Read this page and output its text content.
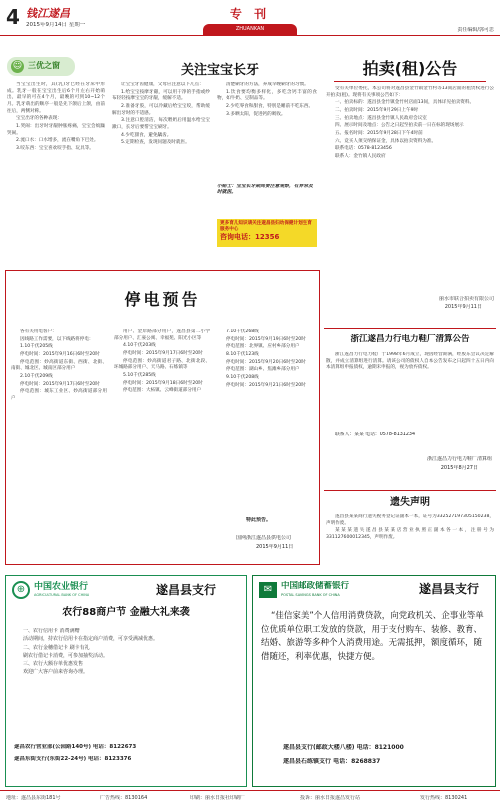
4 钱江遂昌
2015年9月14日 星期一
专 刊
ZHUANKAN	责任编辑/郭可思
☺ 三优之窗	关注宝宝长牙

当宝宝出生时，其(乳)牙已经在牙床中形成。乳牙一般在宝宝出生后6个月左右开始萌出，最早的可在4个月，最晚的可到10~12个月。乳牙萌出的顺序一般是先下颌后上颌，由前往后，两侧对称。

宝宝出牙的各种表现：

1.哭闹：出牙时牙龈肿胀疼痛，宝宝会烦躁哭闹。

2.流口水：口水增多，流在嘴角下巴处。

3.咬东西：宝宝喜欢咬手指、玩具等。

让宝宝牙齿健康，父母应注意以下几点：

1.给宝宝按摩牙龈，可以用干净的手指或纱布轻轻按摩宝宝的牙龈，缓解不适。

2.准备牙胶，可以冷藏后给宝宝咬，帮助缓解出牙时的不适感。

3.注意口腔清洁，每次喂奶后用温水给宝宝漱口，长牙后要帮宝宝刷牙。

4.少吃甜食，避免龋齿。

5.定期检查，发现问题及时就医。

清楚刷牙的方法，养成早晚刷牙的习惯。

1.饮食要均衡多样化，多吃含钙丰富的食物，如牛奶、豆制品等。

2.少吃零食和甜食，特别是睡前不吃东西。

3.多晒太阳，促进钙的吸收。

小贴士：宝宝长牙期间要注意观察，有异常及时就医。
更多育儿知识请关注遂昌县妇幼保健计划生育服务中心
咨询电话：12356
拍卖(租)公告

受有关单位委托，本公司将对遂昌县金竹镇金竹村等13间店面的租赁权进行公开拍卖(租)。现将有关事项公告如下：

一、拍卖标的：遂昌县金竹镇金竹村店面13间，具体详见拍卖资料。

二、拍卖时间：2015年9月29日上午9时

三、拍卖地点：遂昌县金竹镇人民政府会议室

四、展示时间及地点：公告之日起至拍卖前一日在标的现场展示

五、报名时间：2015年9月28日下午4时前

六、竞买人须交纳保证金，具体以拍卖资料为准。

联系电话：0578-8123456

联系人：金竹镇人民政府

丽水市联合拍卖有限公司
2015年9月11日
停电预告

各有关用电客户：

因线路工作需要，以下线路将停电：

1.10千伏205线

停电时间：2015年9月16日6时至20时

停电范围：妙高街道东街、西街、北街、南街、城北区、城南区部分用户

2.10千伏209线

停电时间：2015年9月17日6时至20时

停电范围：城东工业区、妙高街道部分用户

用户、金岸路部分用户，遂昌县第二小学部分用户、汇豪公寓、幸福苑、阳光小区等

4.10千伏203线

停电时间：2015年9月17日6时至20时

停电范围：妙高街道君子路、北街北段、环城路部分用户、天马路、石练镇等

5.10千伏285线

停电时间：2015年9月18日6时至20时

停电范围：大柘镇、云峰街道部分用户

7.10千伏268线

停电时间：2015年9月19日6时至20时

停电范围：北界镇、应村乡部分用户

8.10千伏123线

停电时间：2015年9月20日6时至20时

停电范围：湖山乡、焦滩乡部分用户

9.10千伏208线

停电时间：2015年9月21日6时至20时

特此预告。
国网浙江遂昌县供电公司
2015年9月11日
浙江遂昌力行电力鞋厂清算公告
浙江遂昌力行电力鞋厂于1998年6月成立，现因经营期满，经股东会议决定解散，并成立清算组进行清算。请该公司的债权人自本公告发布之日起四十五日内向本清算组申报债权，逾期未申报的，视为放弃债权。
联系人：某某 电话：0578-8131234
浙江遂昌力行电力鞋厂清算组
2015年8月27日
遗失声明

遂昌县某某商行遗失税务登记证副本一本，证号为332527197305150238，声明作废。

某某某遗失遂昌县某某店营业执照正副本各一本，注册号为331127600012345，声明作废。

⊕ 中国农业银行
AGRICULTURAL BANK OF CHINA	遂昌县支行
农行88商户节 金融大礼来袭

一、农行信用卡 消费满赠

活动期间，持农行信用卡在指定商户消费，可享受满减优惠。

二、农行金穗借记卡 刷卡有礼

刷农行借记卡消费，可参加抽奖活动。

三、农行大额存单优惠发售

欢迎广大客户前来咨询办理。

遂昌农行营业部(公园路140号) 电话：8122673
遂昌东街支行(东街22-24号) 电话：8123376
✉	中国邮政储蓄银行
POSTAL SAVINGS BANK OF CHINA	遂昌县支行
“佳信家美”个人信用消费贷款，向党政机关、企事业等单位优质单位职工发放的贷款，用于支付购车、装修、教育、结婚、旅游等多种个人消费用途。无需抵押，额度循环，随借随还，利率优惠，快捷方便。
遂昌县支行(邮政大楼八楼) 电话：8121000
遂昌县石练镇支行 电话：8268837
地址：遂昌县东街181号	广告热线：8130164	印刷：丽水日报社印刷厂	投诉：丽水日报遂昌发行站	发行热线：8130241
